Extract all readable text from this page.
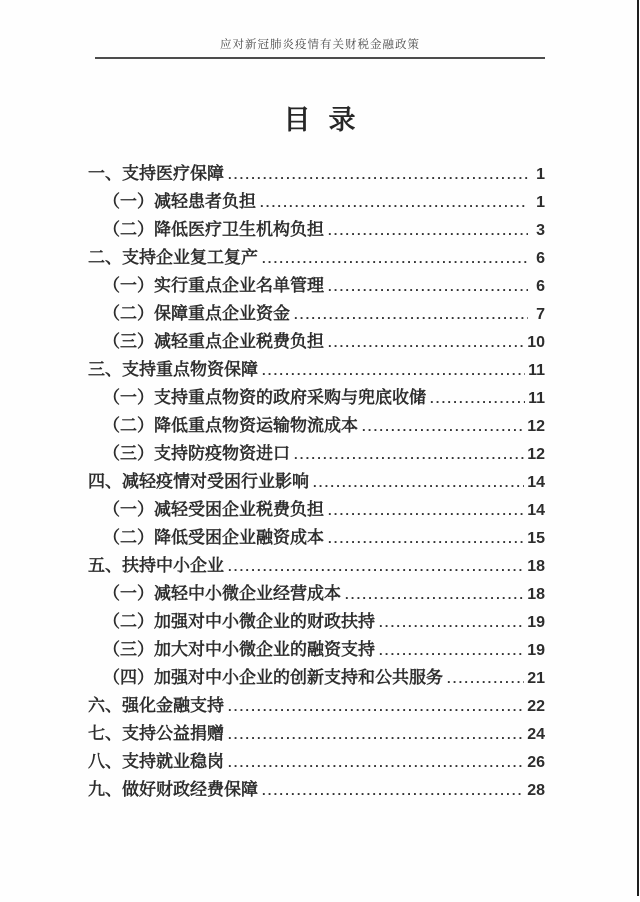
应对新冠肺炎疫情有关财税金融政策
目  录
一、支持医疗保障 .....	1
（一）减轻患者负担 .....	1
（二）降低医疗卫生机构负担 .....	3
二、支持企业复工复产 .....	6
（一）实行重点企业名单管理 .....	6
（二）保障重点企业资金 .....	7
（三）减轻重点企业税费负担 .....	10
三、支持重点物资保障 .....	11
（一）支持重点物资的政府采购与兜底收储 .....	11
（二）降低重点物资运输物流成本 .....	12
（三）支持防疫物资进口 .....	12
四、减轻疫情对受困行业影响 .....	14
（一）减轻受困企业税费负担 .....	14
（二）降低受困企业融资成本 .....	15
五、扶持中小企业 .....	18
（一）减轻中小微企业经营成本 .....	18
（二）加强对中小微企业的财政扶持 .....	19
（三）加大对中小微企业的融资支持 .....	19
（四）加强对中小企业的创新支持和公共服务 .....	21
六、强化金融支持 .....	22
七、支持公益捐赠 .....	24
八、支持就业稳岗 .....	26
九、做好财政经费保障 .....	28
